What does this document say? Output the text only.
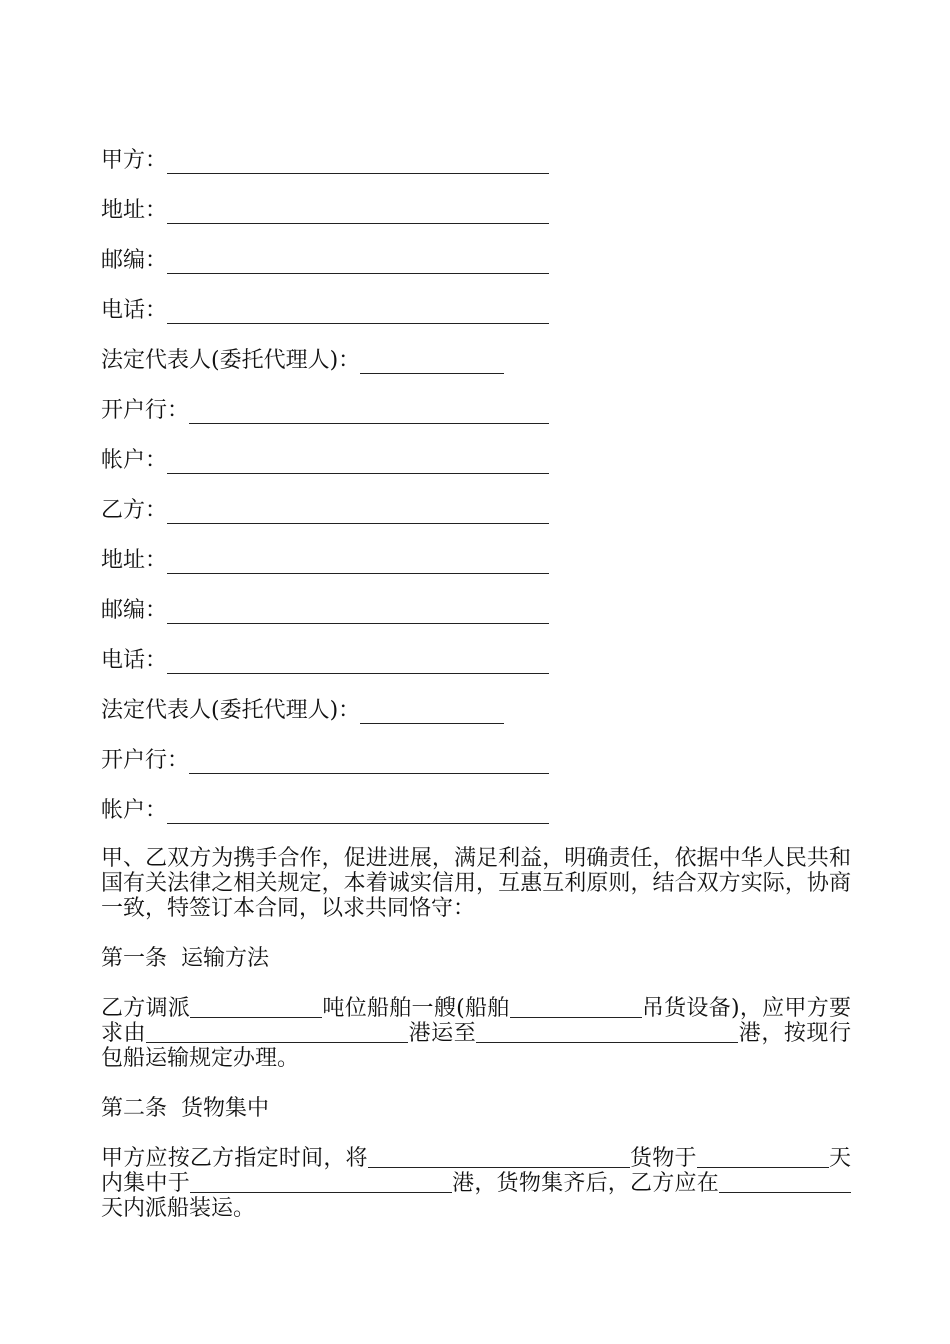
甲方：
地址：
邮编：
电话：
法定代表人(委托代理人)：
开户行：
帐户：
乙方：
地址：
邮编：
电话：
法定代表人(委托代理人)：
开户行：
帐户：

甲、乙双方为携手合作，促进进展，满足利益，明确责任，依据中华人民共和国有关法律之相关规定，本着诚实信用，互惠互利原则，结合双方实际，协商一致，特签订本合同，以求共同恪守：

第一条  运输方法

乙方调派	吨位船舶一艘(船舶	吊货设备)，应甲方要求由	港运至	港，按现行包船运输规定办理。

第二条  货物集中

甲方应按乙方指定时间，将	货物于	天内集中于	港，货物集齐后，乙方应在天内派船装运。
